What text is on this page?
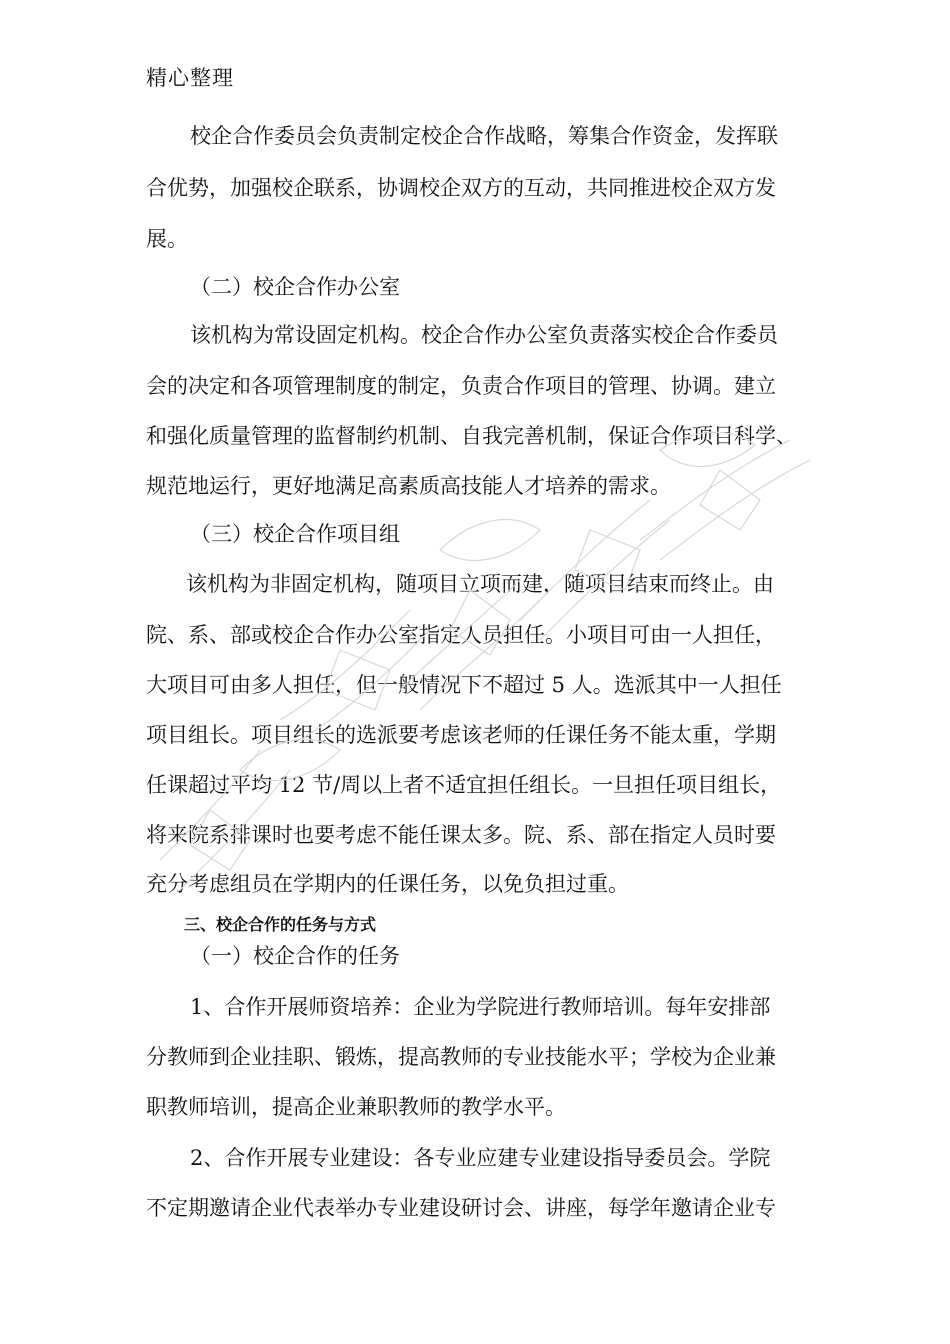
精心整理
校企合作委员会负责制定校企合作战略，筹集合作资金，发挥联
合优势，加强校企联系，协调校企双方的互动，共同推进校企双方发
展。
（二）校企合作办公室
该机构为常设固定机构。校企合作办公室负责落实校企合作委员
会的决定和各项管理制度的制定，负责合作项目的管理、协调。建立
和强化质量管理的监督制约机制、自我完善机制，保证合作项目科学、
规范地运行，更好地满足高素质高技能人才培养的需求。
（三）校企合作项目组
该机构为非固定机构，随项目立项而建，随项目结束而终止。由
院、系、部或校企合作办公室指定人员担任。小项目可由一人担任，
大项目可由多人担任，但一般情况下不超过 5 人。选派其中一人担任
项目组长。项目组长的选派要考虑该老师的任课任务不能太重，学期
任课超过平均 12 节/周以上者不适宜担任组长。一旦担任项目组长，
将来院系排课时也要考虑不能任课太多。院、系、部在指定人员时要
充分考虑组员在学期内的任课任务，以免负担过重。
三、校企合作的任务与方式
（一）校企合作的任务
1、合作开展师资培养：企业为学院进行教师培训。每年安排部
分教师到企业挂职、锻炼，提高教师的专业技能水平；学校为企业兼
职教师培训，提高企业兼职教师的教学水平。
2、合作开展专业建设：各专业应建专业建设指导委员会。学院
不定期邀请企业代表举办专业建设研讨会、讲座，每学年邀请企业专
